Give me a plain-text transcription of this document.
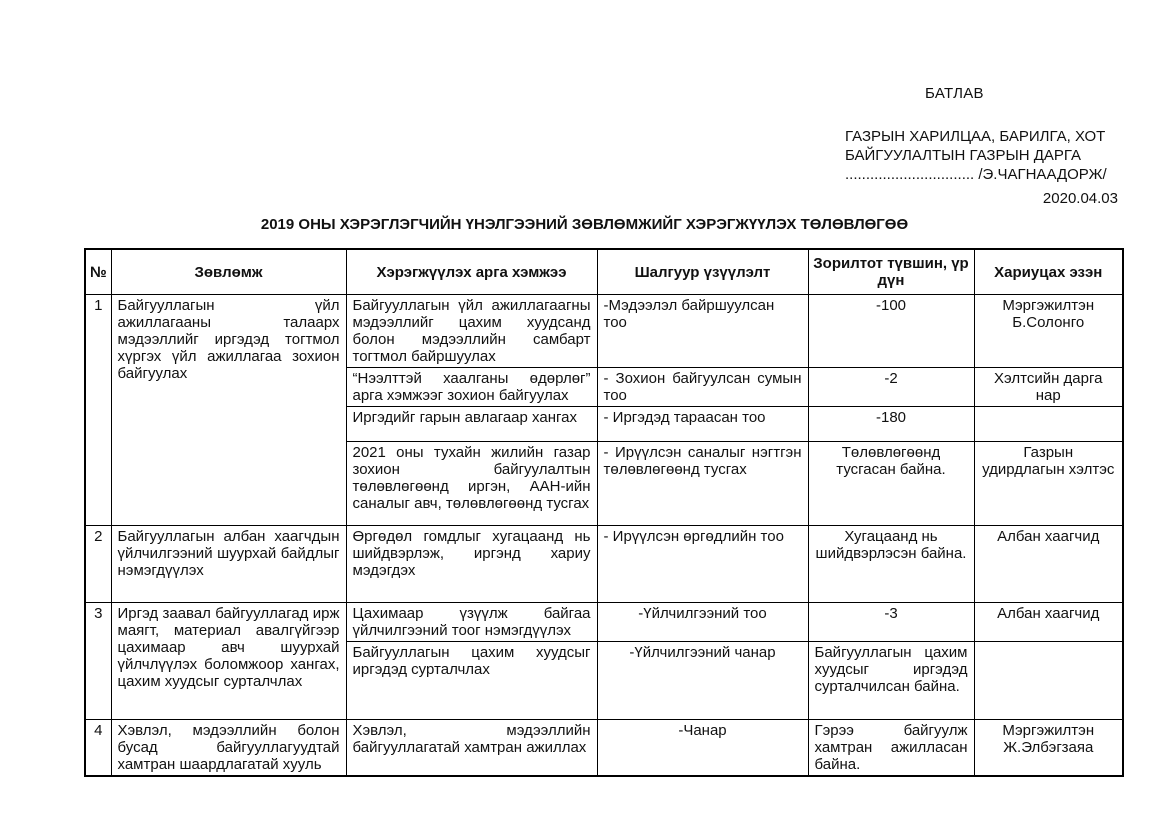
БАТЛАВ
ГАЗРЫН ХАРИЛЦАА, БАРИЛГА, ХОТ
БАЙГУУЛАЛТЫН ГАЗРЫН ДАРГА
............................... /Э.ЧАГНААДОРЖ/
2020.04.03
2019 ОНЫ ХЭРЭГЛЭГЧИЙН ҮНЭЛГЭЭНИЙ ЗӨВЛӨМЖИЙГ ХЭРЭГЖҮҮЛЭХ ТӨЛӨВЛӨГӨӨ
№	Зөвлөмж	Хэрэгжүүлэх арга хэмжээ	Шалгуур үзүүлэлт	Зорилтот түвшин, үр дүн	Хариуцах эзэн
1	Байгууллагын үйл ажиллагааны талаарх мэдээллийг иргэдэд тогтмол хүргэх үйл ажиллагаа зохион байгуулах	Байгууллагын үйл ажиллагаагны мэдээллийг цахим хуудсанд болон мэдээллийн самбарт тогтмол байршуулах	-Мэдээлэл байршуулсан тоо	-100	Мэргэжилтэн Б.Солонго
		“Нээлттэй хаалганы өдөрлөг” арга хэмжээг зохион байгуулах	- Зохион байгуулсан сумын тоо	-2	Хэлтсийн дарга нар
		Иргэдийг гарын авлагаар хангах	- Иргэдэд тараасан тоо	-180	
		2021 оны тухайн жилийн газар зохион байгуулалтын төлөвлөгөөнд иргэн, ААН-ийн саналыг авч, төлөвлөгөөнд тусгах	- Ирүүлсэн саналыг нэгтгэн төлөвлөгөөнд тусгах	Төлөвлөгөөнд тусгасан байна.	Газрын удирдлагын хэлтэс
2	Байгууллагын албан хаагчдын үйлчилгээний шуурхай байдлыг нэмэгдүүлэх	Өргөдөл гомдлыг хугацаанд нь шийдвэрлэж, иргэнд хариу мэдэгдэх	- Ирүүлсэн өргөдлийн тоо	Хугацаанд нь шийдвэрлэсэн байна.	Албан хаагчид
3	Иргэд заавал байгууллагад ирж маягт, материал авалгүйгээр цахимаар авч шуурхай үйлчлүүлэх боломжоор хангах, цахим хуудсыг сурталчлах	Цахимаар үзүүлж байгаа үйлчилгээний тоог нэмэгдүүлэх	-Үйлчилгээний тоо	-3	Албан хаагчид
		Байгууллагын цахим хуудсыг иргэдэд сурталчлах	-Үйлчилгээний чанар	Байгууллагын цахим хуудсыг иргэдэд сурталчилсан байна.	
4	Хэвлэл, мэдээллийн болон бусад байгууллагуудтай хамтран шаардлагатай хууль	Хэвлэл, мэдээллийн байгууллагатай хамтран ажиллах	-Чанар	Гэрээ байгуулж хамтран ажилласан байна.	Мэргэжилтэн Ж.Элбэгзаяа
